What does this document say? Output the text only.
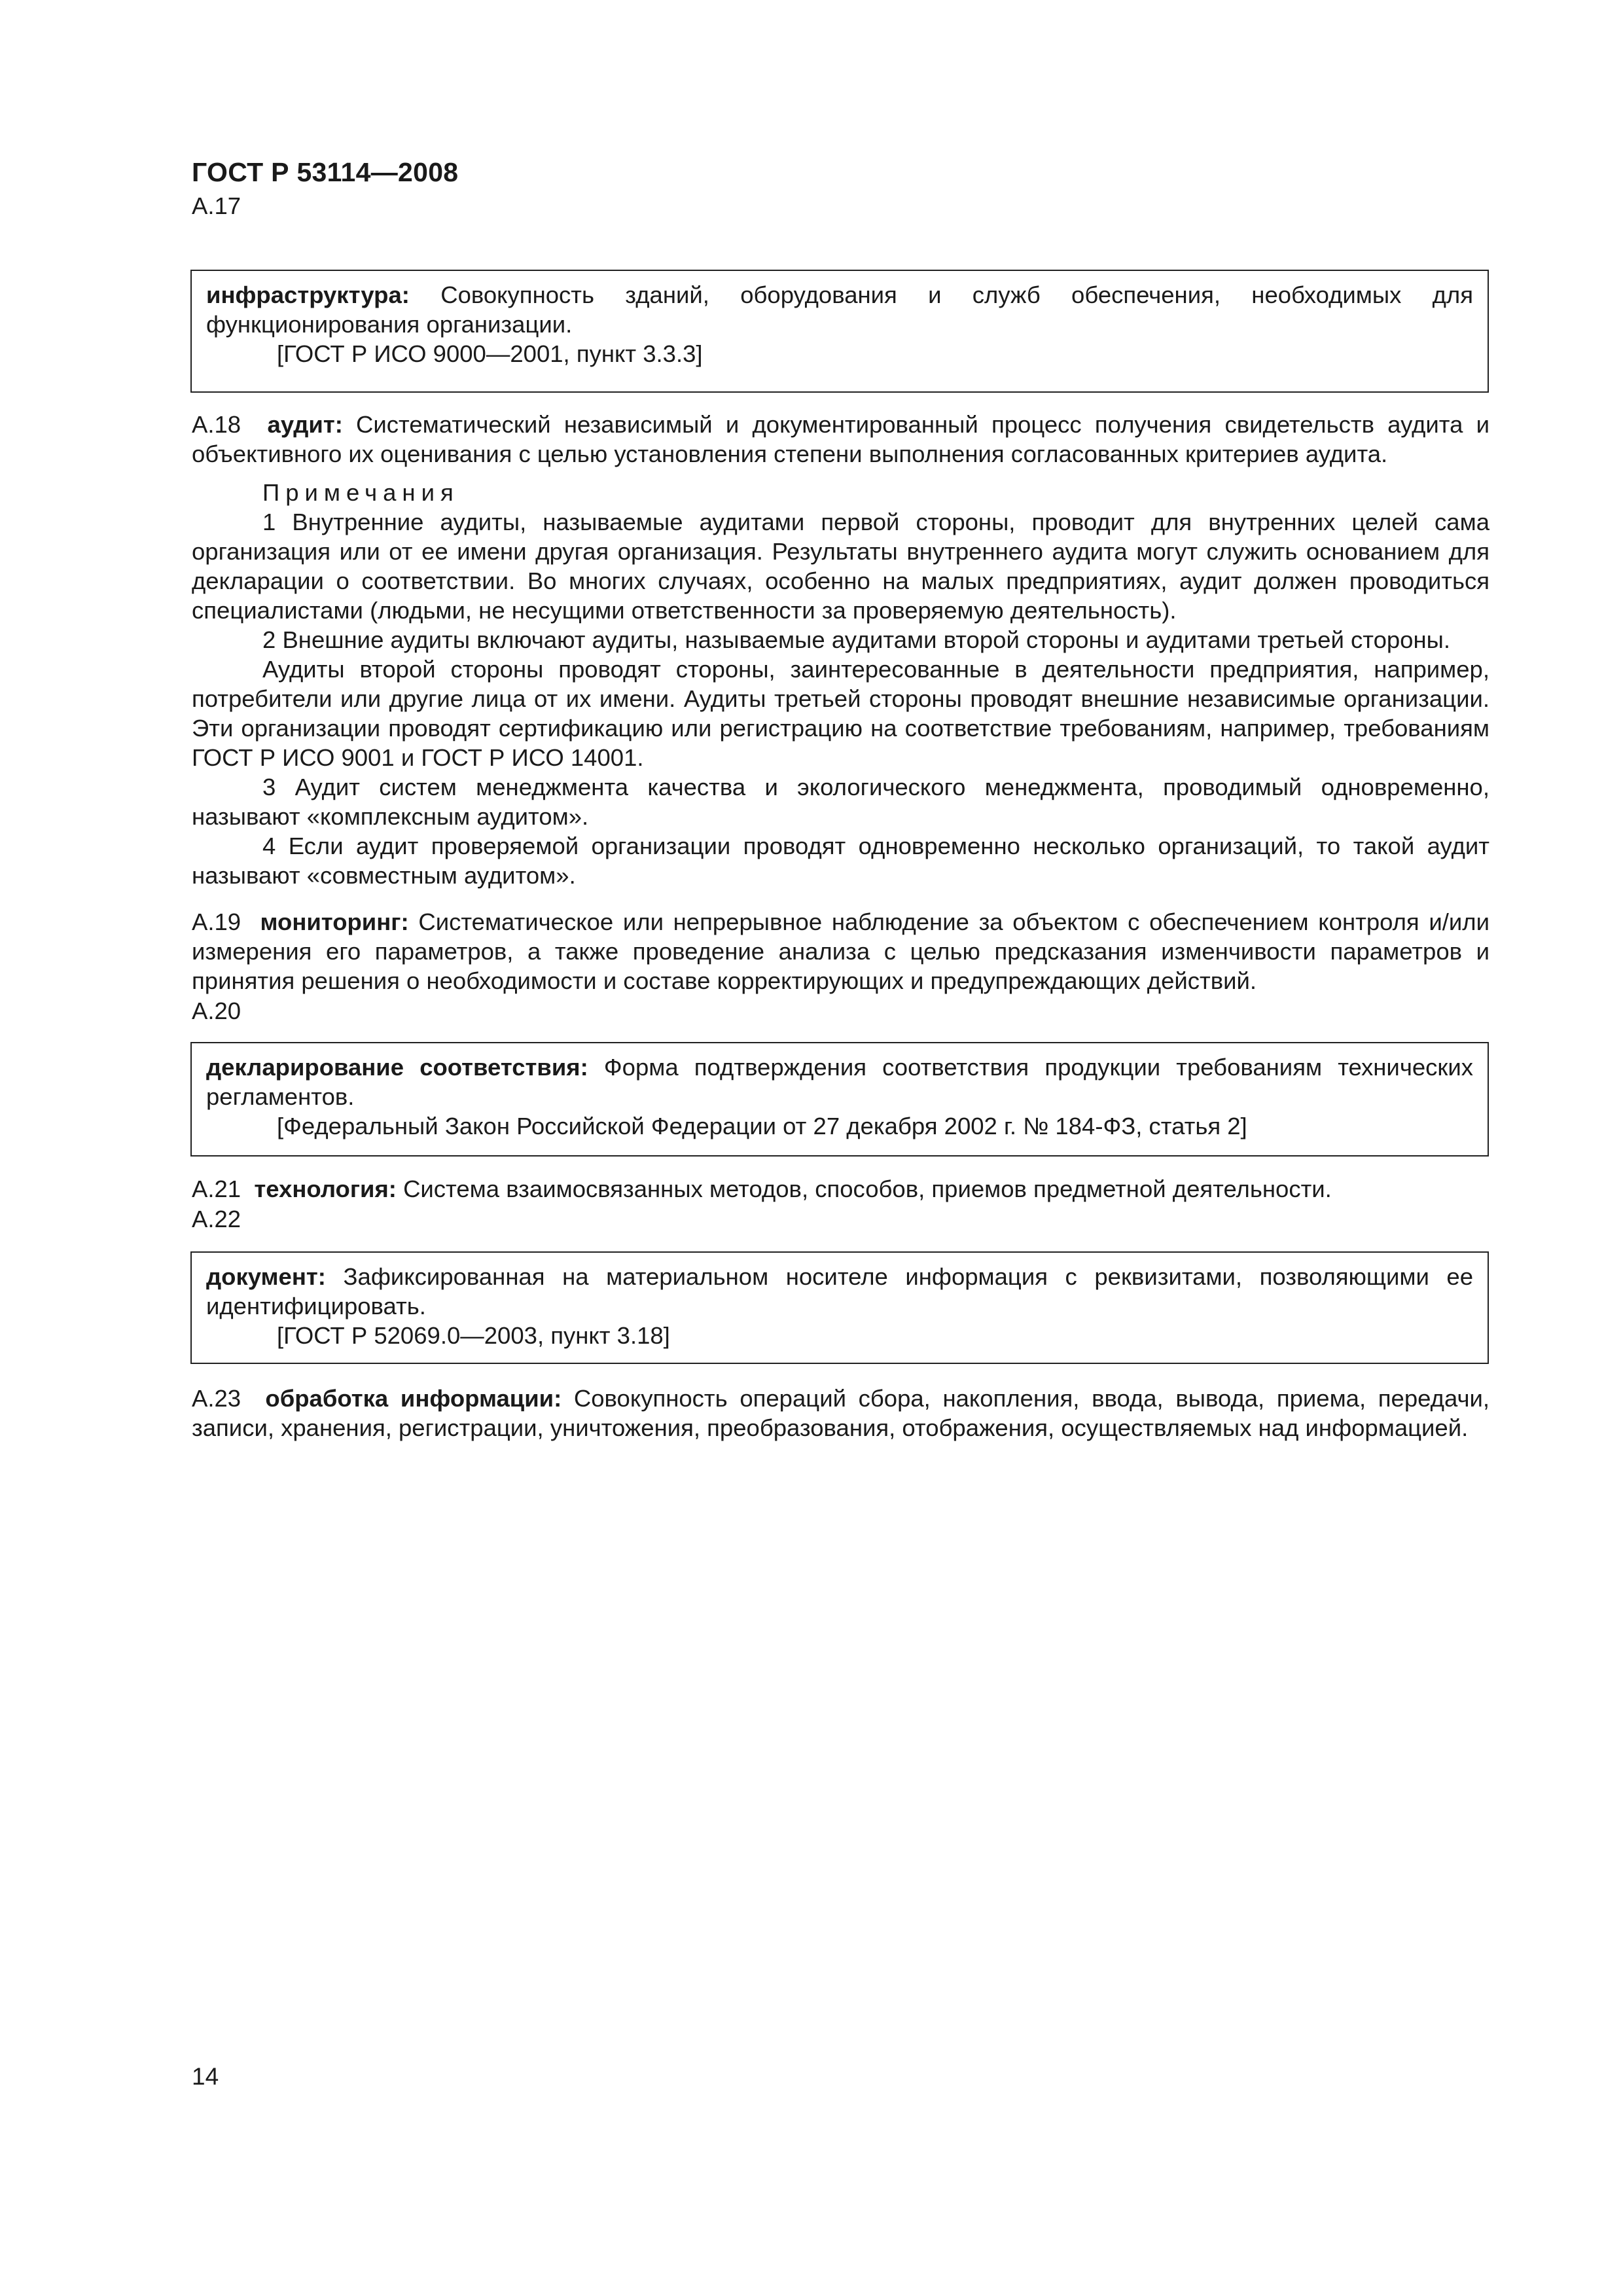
ГОСТ Р 53114—2008
А.17

инфраструктура: Совокупность зданий, оборудования и служб обеспечения, необходимых для функционирования организации.

[ГОСТ Р ИСО 9000—2001, пункт 3.3.3]

А.18 аудит: Систематический независимый и документированный процесс получения свидетельств аудита и объективного их оценивания с целью установления степени выполнения согласованных критериев аудита.

Примечания

1 Внутренние аудиты, называемые аудитами первой стороны, проводит для внутренних целей сама организация или от ее имени другая организация. Результаты внутреннего аудита могут служить основанием для декларации о соответствии. Во многих случаях, особенно на малых предприятиях, аудит должен проводиться специалистами (людьми, не несущими ответственности за проверяемую деятельность).

2 Внешние аудиты включают аудиты, называемые аудитами второй стороны и аудитами третьей стороны.

Аудиты второй стороны проводят стороны, заинтересованные в деятельности предприятия, например, потребители или другие лица от их имени. Аудиты третьей стороны проводят внешние независимые организации. Эти организации проводят сертификацию или регистрацию на соответствие требованиям, например, требованиям ГОСТ Р ИСО 9001 и ГОСТ Р ИСО 14001.

3 Аудит систем менеджмента качества и экологического менеджмента, проводимый одновременно, называют «комплексным аудитом».

4 Если аудит проверяемой организации проводят одновременно несколько организаций, то такой аудит называют «совместным аудитом».

А.19 мониторинг: Систематическое или непрерывное наблюдение за объектом с обеспечением контроля и/или измерения его параметров, а также проведение анализа с целью предсказания изменчивости параметров и принятия решения о необходимости и составе корректирующих и предупреждающих действий.

А.20

декларирование соответствия: Форма подтверждения соответствия продукции требованиям технических регламентов.

[Федеральный Закон Российской Федерации от 27 декабря 2002 г. № 184-ФЗ, статья 2]

А.21 технология: Система взаимосвязанных методов, способов, приемов предметной деятельности.

А.22

документ: Зафиксированная на материальном носителе информация с реквизитами, позволяющими ее идентифицировать.

[ГОСТ Р 52069.0—2003, пункт 3.18]

А.23 обработка информации: Совокупность операций сбора, накопления, ввода, вывода, приема, передачи, записи, хранения, регистрации, уничтожения, преобразования, отображения, осуществляемых над информацией.

14
